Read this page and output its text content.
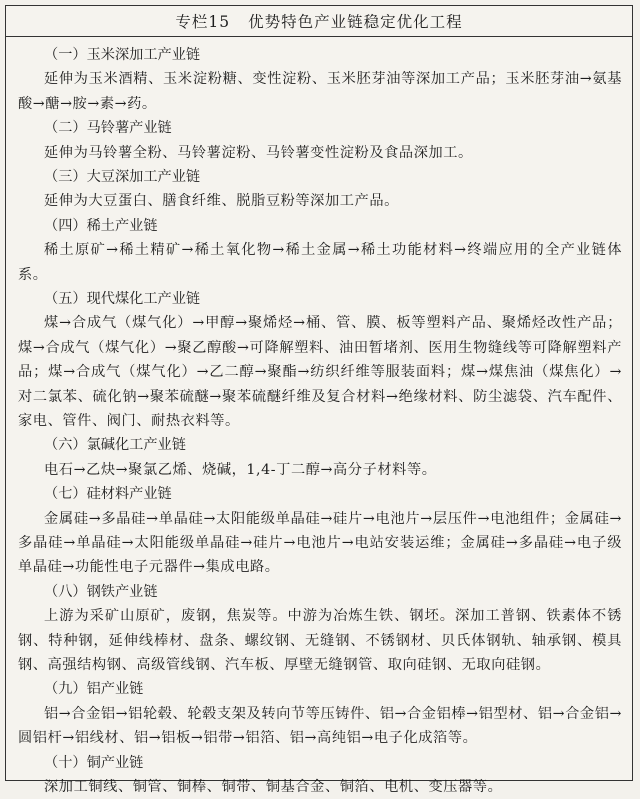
专栏15 优势特色产业链稳定优化工程
（一）玉米深加工产业链
延伸为玉米酒精、玉米淀粉糖、变性淀粉、玉米胚芽油等深加工产品；玉米胚芽油→氨基酸→醣→胺→素→药。
（二）马铃薯产业链
延伸为马铃薯全粉、马铃薯淀粉、马铃薯变性淀粉及食品深加工。
（三）大豆深加工产业链
延伸为大豆蛋白、膳食纤维、脱脂豆粉等深加工产品。
（四）稀土产业链
稀土原矿→稀土精矿→稀土氧化物→稀土金属→稀土功能材料→终端应用的全产业链体系。
（五）现代煤化工产业链
煤→合成气（煤气化）→甲醇→聚烯烃→桶、管、膜、板等塑料产品、聚烯烃改性产品；煤→合成气（煤气化）→聚乙醇酸→可降解塑料、油田暂堵剂、医用生物缝线等可降解塑料产品；煤→合成气（煤气化）→乙二醇→聚酯→纺织纤维等服装面料；煤→煤焦油（煤焦化）→对二氯苯、硫化钠→聚苯硫醚→聚苯硫醚纤维及复合材料→绝缘材料、防尘滤袋、汽车配件、家电、管件、阀门、耐热衣料等。
（六）氯碱化工产业链
电石→乙炔→聚氯乙烯、烧碱，1,4-丁二醇→高分子材料等。
（七）硅材料产业链
金属硅→多晶硅→单晶硅→太阳能级单晶硅→硅片→电池片→层压件→电池组件；金属硅→多晶硅→单晶硅→太阳能级单晶硅→硅片→电池片→电站安装运维；金属硅→多晶硅→电子级单晶硅→功能性电子元器件→集成电路。
（八）钢铁产业链
上游为采矿山原矿，废钢，焦炭等。中游为冶炼生铁、钢坯。深加工普钢、铁素体不锈钢、特种钢，延伸线棒材、盘条、螺纹钢、无缝钢、不锈钢材、贝氏体钢轨、轴承钢、模具钢、高强结构钢、高级管线钢、汽车板、厚壁无缝钢管、取向硅钢、无取向硅钢。
（九）铝产业链
铝→合金铝→铝轮毂、轮毂支架及转向节等压铸件、铝→合金铝棒→铝型材、铝→合金铝→圆铝杆→铝线材、铝→铝板→铝带→铝箔、铝→高纯铝→电子化成箔等。
（十）铜产业链
深加工铜线、铜管、铜棒、铜带、铜基合金、铜箔、电机、变压器等。
